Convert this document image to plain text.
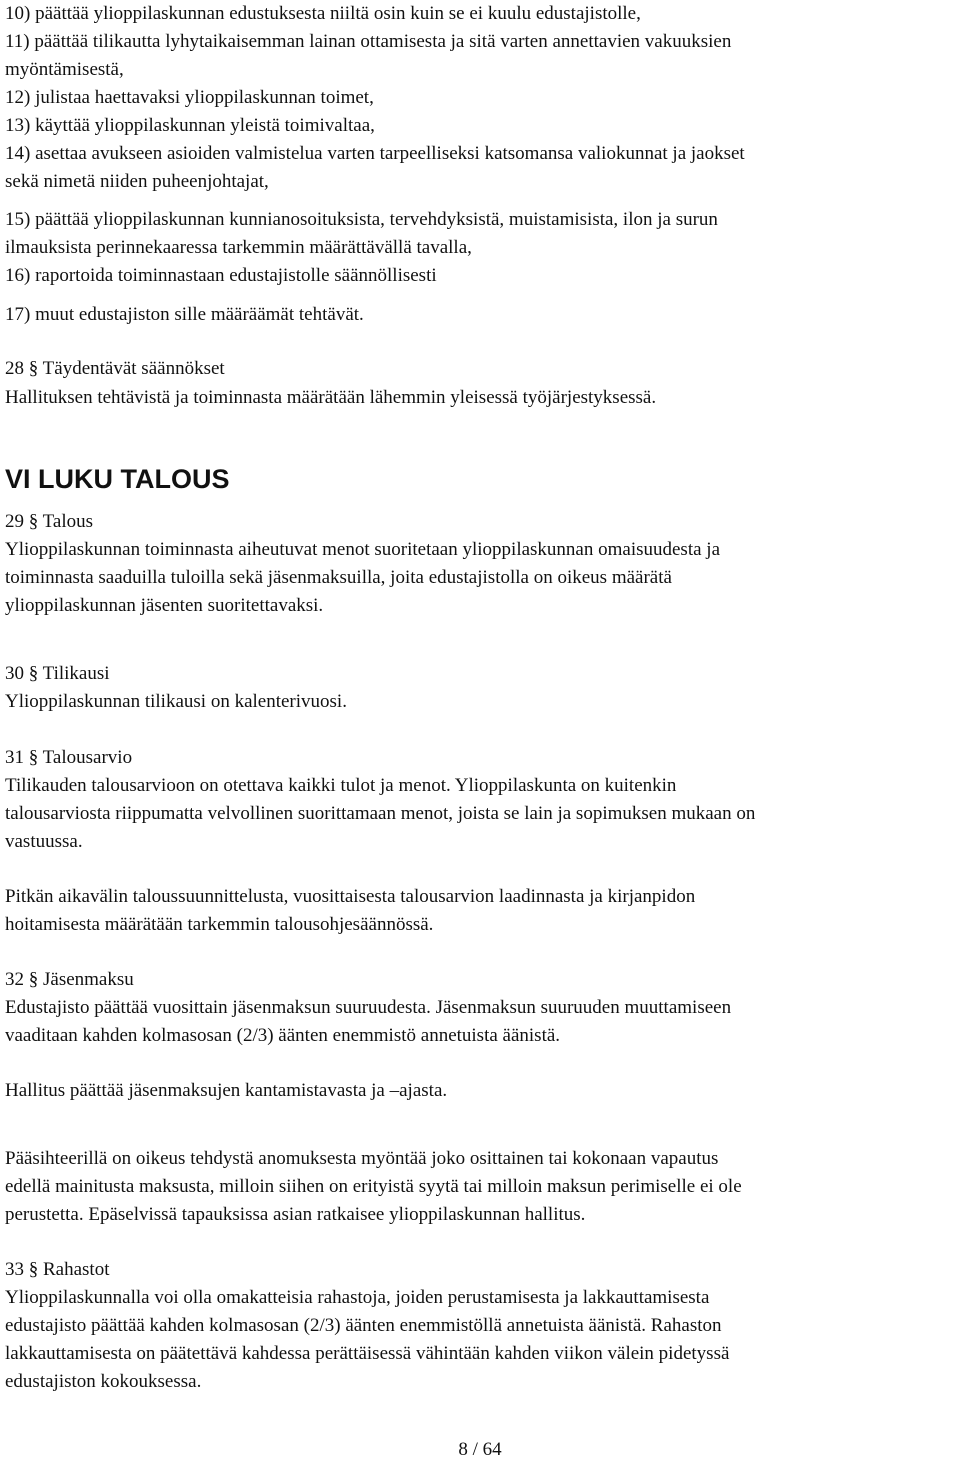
10) päättää ylioppilaskunnan edustuksesta niiltä osin kuin se ei kuulu edustajistolle,
11) päättää tilikautta lyhytaikaisemman lainan ottamisesta ja sitä varten annettavien vakuuksien
myöntämisestä,
12) julistaa haettavaksi ylioppilaskunnan toimet,
13) käyttää ylioppilaskunnan yleistä toimivaltaa,
14) asettaa avukseen asioiden valmistelua varten tarpeelliseksi katsomansa valiokunnat ja jaokset
sekä nimetä niiden puheenjohtajat,
15) päättää ylioppilaskunnan kunnianosoituksista, tervehdyksistä, muistamisista, ilon ja surun
ilmauksista perinnekaaressa tarkemmin määrättävällä tavalla,
16) raportoida toiminnastaan edustajistolle säännöllisesti
17) muut edustajiston sille määräämät tehtävät.
28 § Täydentävät säännökset
Hallituksen tehtävistä ja toiminnasta määrätään lähemmin yleisessä työjärjestyksessä.
VI LUKU TALOUS
29 § Talous
Ylioppilaskunnan toiminnasta aiheutuvat menot suoritetaan ylioppilaskunnan omaisuudesta ja
toiminnasta saaduilla tuloilla sekä jäsenmaksuilla, joita edustajistolla on oikeus määrätä
ylioppilaskunnan jäsenten suoritettavaksi.
30 § Tilikausi
Ylioppilaskunnan tilikausi on kalenterivuosi.
31 § Talousarvio
Tilikauden talousarvioon on otettava kaikki tulot ja menot. Ylioppilaskunta on kuitenkin
talousarviosta riippumatta velvollinen suorittamaan menot, joista se lain ja sopimuksen mukaan on
vastuussa.
Pitkän aikavälin taloussuunnittelusta, vuosittaisesta talousarvion laadinnasta ja kirjanpidon
hoitamisesta määrätään tarkemmin talousohjesäännössä.
32 § Jäsenmaksu
Edustajisto päättää vuosittain jäsenmaksun suuruudesta. Jäsenmaksun suuruuden muuttamiseen
vaaditaan kahden kolmasosan (2/3) äänten enemmistö annetuista äänistä.
Hallitus päättää jäsenmaksujen kantamistavasta ja –ajasta.
Pääsihteerillä on oikeus tehdystä anomuksesta myöntää joko osittainen tai kokonaan vapautus
edellä mainitusta maksusta, milloin siihen on erityistä syytä tai milloin maksun perimiselle ei ole
perustetta. Epäselvissä tapauksissa asian ratkaisee ylioppilaskunnan hallitus.
33 § Rahastot
Ylioppilaskunnalla voi olla omakatteisia rahastoja, joiden perustamisesta ja lakkauttamisesta
edustajisto päättää kahden kolmasosan (2/3) äänten enemmistöllä annetuista äänistä. Rahaston
lakkauttamisesta on päätettävä kahdessa perättäisessä vähintään kahden viikon välein pidetyssä
edustajiston kokouksessa.
8 / 64
